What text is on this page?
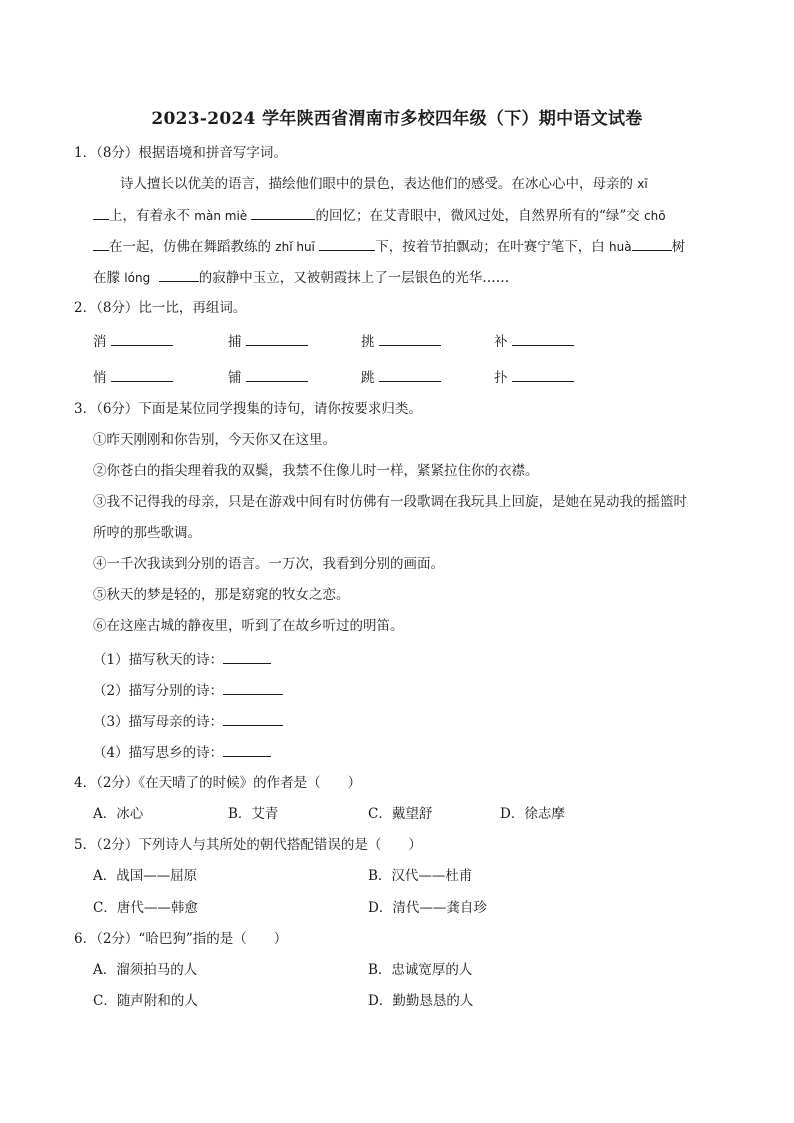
2023-2024 学年陕西省渭南市多校四年级（下）期中语文试卷
1．（8分）根据语境和拼音写字词。
诗人擅长以优美的语言，描绘他们眼中的景色，表达他们的感受。在冰心心中，母亲的 xī
上，有着永不 màn miè	的回忆；在艾青眼中，微风过处，自然界所有的“绿”交 chō
在一起，仿佛在舞蹈教练的 zhǐ huī	下，按着节拍飘动；在叶赛宁笔下，白 huà	树
在朦 lóng	的寂静中玉立，又被朝霞抹上了一层银色的光华……
2．（8分）比一比，再组词。
消	捕	挑	补
悄	铺	跳	扑
3．（6分）下面是某位同学搜集的诗句，请你按要求归类。
①昨天刚刚和你告别，今天你又在这里。
②你苍白的指尖理着我的双鬓，我禁不住像儿时一样，紧紧拉住你的衣襟。
③我不记得我的母亲，只是在游戏中间有时仿佛有一段歌调在我玩具上回旋，是她在晃动我的摇篮时
所哼的那些歌调。
④一千次我读到分别的语言。一万次，我看到分别的画面。
⑤秋天的梦是轻的，那是窈窕的牧女之恋。
⑥在这座古城的静夜里，听到了在故乡听过的明笛。
（1）描写秋天的诗：
（2）描写分别的诗：
（3）描写母亲的诗：
（4）描写思乡的诗：
4．（2分）《在天晴了的时候》的作者是（　　）
A．冰心	B．艾青	C．戴望舒	D．徐志摩
5．（2分）下列诗人与其所处的朝代搭配错误的是（　　）
A．战国——屈原	B．汉代——杜甫
C．唐代——韩愈	D．清代——龚自珍
6．（2分）“哈巴狗”指的是（　　）
A．溜须拍马的人	B．忠诚宽厚的人
C．随声附和的人	D．勤勤恳恳的人
